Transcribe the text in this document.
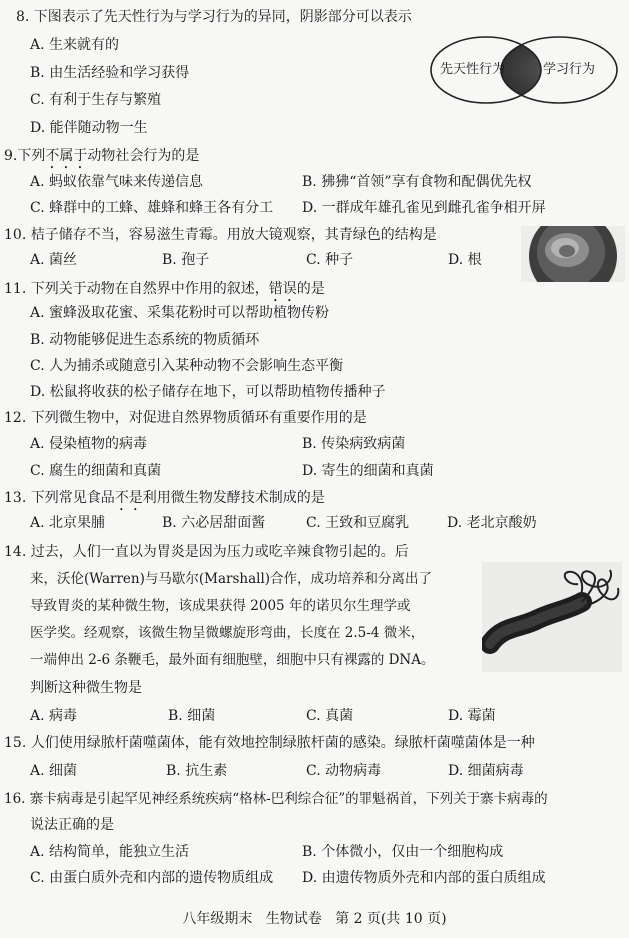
8. 下图表示了先天性行为与学习行为的异同，阴影部分可以表示
A. 生来就有的
B. 由生活经验和学习获得
C. 有利于生存与繁殖
D. 能伴随动物一生
先天性行为	学习行为
9.下列不属于动物社会行为的是
A. 蚂蚁依靠气味来传递信息	B. 狒狒“首领”享有食物和配偶优先权
C. 蜂群中的工蜂、雄蜂和蜂王各有分工 D. 一群成年雄孔雀见到雌孔雀争相开屏
10. 桔子储存不当，容易滋生青霉。用放大镜观察，其青绿色的结构是
A. 菌丝	B. 孢子	C. 种子	D. 根
11. 下列关于动物在自然界中作用的叙述，错误的是
A. 蜜蜂汲取花蜜、采集花粉时可以帮助植物传粉
B. 动物能够促进生态系统的物质循环
C. 人为捕杀或随意引入某种动物不会影响生态平衡
D. 松鼠将收获的松子储存在地下，可以帮助植物传播种子
12. 下列微生物中，对促进自然界物质循环有重要作用的是
A. 侵染植物的病毒	B. 传染病致病菌
C. 腐生的细菌和真菌	D. 寄生的细菌和真菌
13. 下列常见食品不是利用微生物发酵技术制成的是
A. 北京果脯	B. 六必居甜面酱	C. 王致和豆腐乳	D. 老北京酸奶
14. 过去，人们一直以为胃炎是因为压力或吃辛辣食物引起的。后
来，沃伦(Warren)与马歇尔(Marshall)合作，成功培养和分离出了
导致胃炎的某种微生物，该成果获得 2005 年的诺贝尔生理学或
医学奖。经观察，该微生物呈微螺旋形弯曲，长度在 2.5-4 微米，
一端伸出 2-6 条鞭毛，最外面有细胞壁，细胞中只有裸露的 DNA。
判断这种微生物是
A. 病毒	B. 细菌	C. 真菌	D. 霉菌
15. 人们使用绿脓杆菌噬菌体，能有效地控制绿脓杆菌的感染。绿脓杆菌噬菌体是一种
A. 细菌	B. 抗生素	C. 动物病毒	D. 细菌病毒
16. 寨卡病毒是引起罕见神经系统疾病“格林-巴利综合征”的罪魁祸首，下列关于寨卡病毒的
说法正确的是
A. 结构简单，能独立生活	B. 个体微小，仅由一个细胞构成
C. 由蛋白质外壳和内部的遗传物质组成 D. 由遗传物质外壳和内部的蛋白质组成
八年级期末   生物试卷   第 2 页(共 10 页)
